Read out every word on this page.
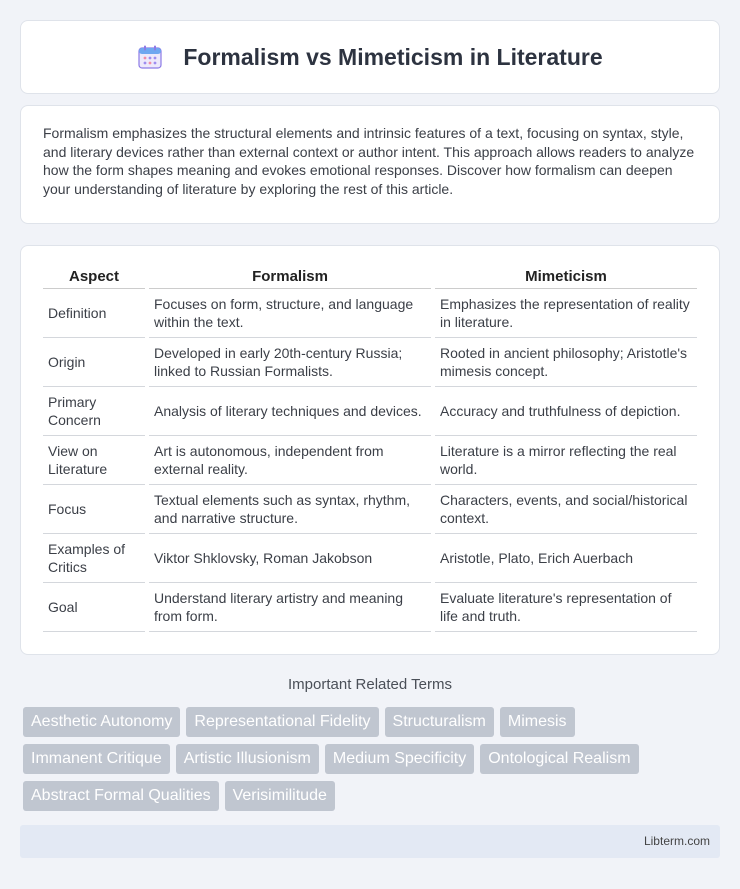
Formalism vs Mimeticism in Literature

Formalism emphasizes the structural elements and intrinsic features of a text, focusing on syntax, style, and literary devices rather than external context or author intent. This approach allows readers to analyze how the form shapes meaning and evokes emotional responses. Discover how formalism can deepen your understanding of literature by exploring the rest of this article.

Aspect	Formalism	Mimeticism
Definition	Focuses on form, structure, and language within the text.	Emphasizes the representation of reality in literature.
Origin	Developed in early 20th-century Russia; linked to Russian Formalists.	Rooted in ancient philosophy; Aristotle's mimesis concept.
Primary Concern	Analysis of literary techniques and devices.	Accuracy and truthfulness of depiction.
View on Literature	Art is autonomous, independent from external reality.	Literature is a mirror reflecting the real world.
Focus	Textual elements such as syntax, rhythm, and narrative structure.	Characters, events, and social/historical context.
Examples of Critics	Viktor Shklovsky, Roman Jakobson	Aristotle, Plato, Erich Auerbach
Goal	Understand literary artistry and meaning from form.	Evaluate literature's representation of life and truth.
Important Related Terms
Aesthetic Autonomy	Representational Fidelity	Structuralism	Mimesis
Immanent Critique	Artistic Illusionism	Medium Specificity	Ontological Realism
Abstract Formal Qualities	Verisimilitude
Libterm.com
